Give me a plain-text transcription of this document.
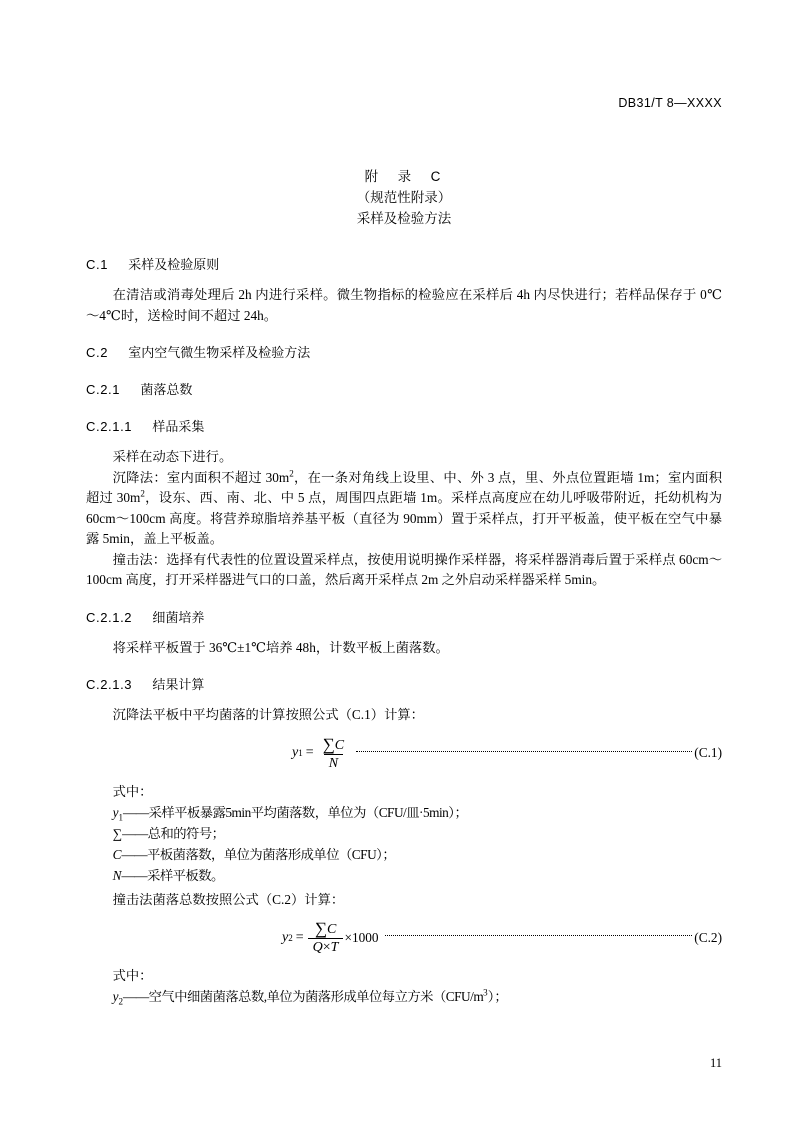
DB31/T 8—XXXX
附　录　C
（规范性附录）
采样及检验方法
C.1 采样及检验原则

在清洁或消毒处理后 2h 内进行采样。微生物指标的检验应在采样后 4h 内尽快进行；若样品保存于 0℃～4℃时，送检时间不超过 24h。

C.2 室内空气微生物采样及检验方法
C.2.1 菌落总数
C.2.1.1 样品采集

采样在动态下进行。

沉降法：室内面积不超过 $30m^2$，在一条对角线上设里、中、外 3 点，里、外点位置距墙 1m；室内面积超过 $30m^2$，设东、西、南、北、中 5 点，周围四点距墙 1m。采样点高度应在幼儿呼吸带附近，托幼机构为 60cm～100cm 高度。将营养琼脂培养基平板（直径为 90mm）置于采样点，打开平板盖，使平板在空气中暴露 5min，盖上平板盖。

撞击法：选择有代表性的位置设置采样点，按使用说明操作采样器，将采样器消毒后置于采样点 60cm～100cm 高度，打开采样器进气口的口盖，然后离开采样点 2m 之外启动采样器采样 5min。

C.2.1.2 细菌培养

将采样平板置于 36℃±1℃培养 48h，计数平板上菌落数。

C.2.1.3 结果计算

沉降法平板中平均菌落的计算按照公式（C.1）计算：

y $1 = \frac{\sum C}{N}$	(C.1)

式中：

$y_1——$采样平板暴露5min平均菌落数，单位为（CFU/皿·5min）；
∑——总和的符号；
C——平板菌落数，单位为菌落形成单位（CFU）；
N——采样平板数。

撞击法菌落总数按照公式（C.2）计算：

y $2 = \frac{\sum C}{Q\times T} \times 1000$	(C.2)

式中：

$y_2——$空气中细菌菌落总数,单位为菌落形成单位每立方米$(CFU/m^3)$；
11
